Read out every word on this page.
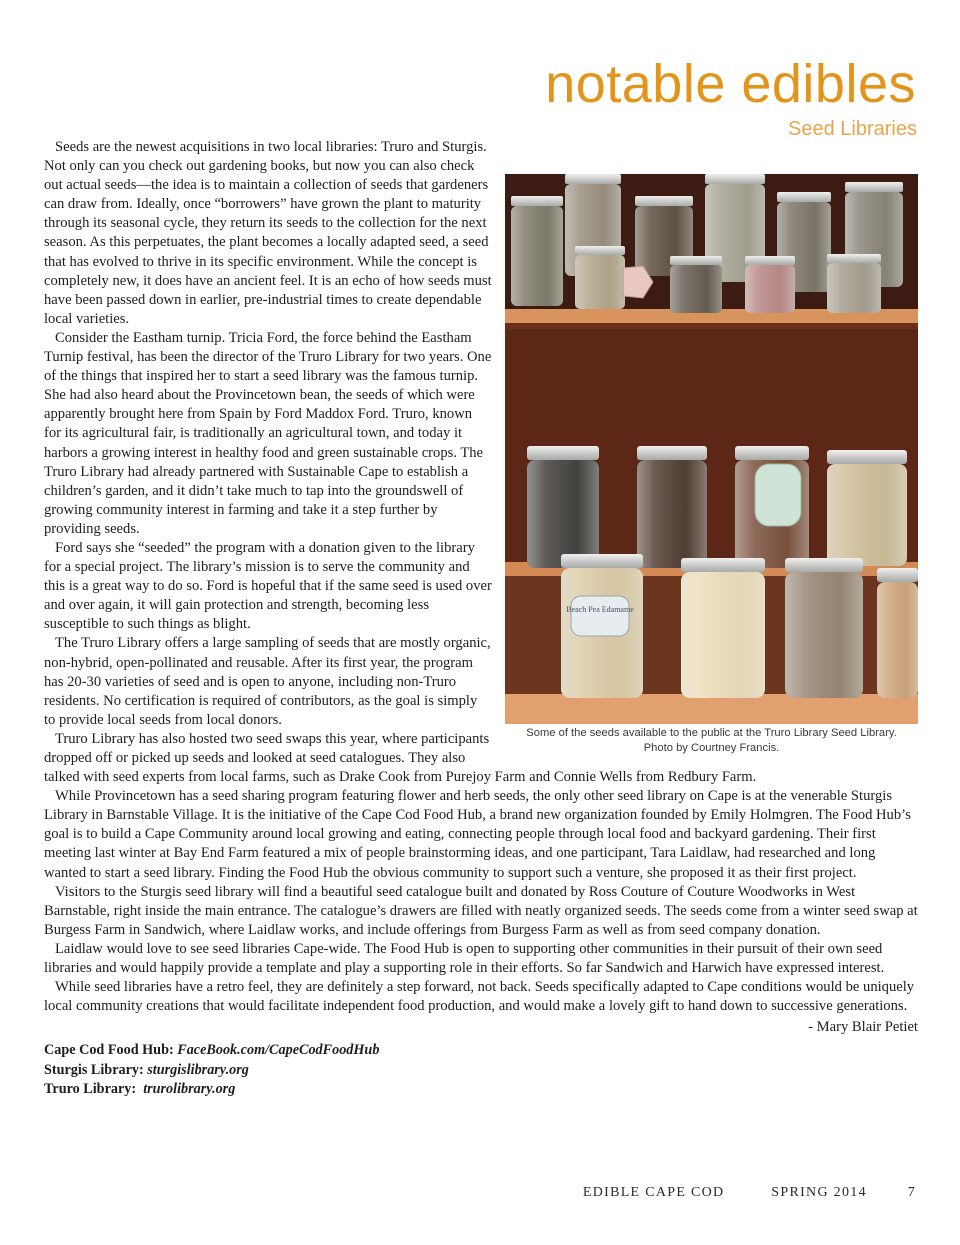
notable edibles
Seed Libraries
Beach Pea Edamame
Some of the seeds available to the public at the Truro Library Seed Library.
Photo by Courtney Francis.

Seeds are the newest acquisitions in two local libraries: Truro and Sturgis. Not only can you check out gardening books, but now you can also check out actual seeds—the idea is to maintain a collection of seeds that gardeners can draw from. Ideally, once “borrowers” have grown the plant to maturity through its seasonal cycle, they return its seeds to the collection for the next season. As this perpetuates, the plant becomes a locally adapted seed, a seed that has evolved to thrive in its specific environment. While the concept is completely new, it does have an ancient feel. It is an echo of how seeds must have been passed down in earlier, pre-industrial times to create dependable local varieties.

Consider the Eastham turnip. Tricia Ford, the force behind the Eastham Turnip festival, has been the director of the Truro Library for two years. One of the things that inspired her to start a seed library was the famous turnip. She had also heard about the Provincetown bean, the seeds of which were apparently brought here from Spain by Ford Maddox Ford. Truro, known for its agricultural fair, is traditionally an agricultural town, and today it harbors a growing interest in healthy food and green sustainable crops. The Truro Library had already partnered with Sustainable Cape to establish a children’s garden, and it didn’t take much to tap into the groundswell of growing community interest in farming and take it a step further by providing seeds.

Ford says she “seeded” the program with a donation given to the library for a special project. The library’s mission is to serve the community and this is a great way to do so. Ford is hopeful that if the same seed is used over and over again, it will gain protection and strength, becoming less susceptible to such things as blight.

The Truro Library offers a large sampling of seeds that are mostly organic, non-hybrid, open-pollinated and reusable. After its first year, the program has 20-30 varieties of seed and is open to anyone, including non-Truro residents. No certification is required of contributors, as the goal is simply to provide local seeds from local donors.

Truro Library has also hosted two seed swaps this year, where participants dropped off or picked up seeds and looked at seed catalogues. They also talked with seed experts from local farms, such as Drake Cook from Purejoy Farm and Connie Wells from Redbury Farm.

While Provincetown has a seed sharing program featuring flower and herb seeds, the only other seed library on Cape is at the venerable Sturgis Library in Barnstable Village. It is the initiative of the Cape Cod Food Hub, a brand new organization founded by Emily Holmgren. The Food Hub’s goal is to build a Cape Community around local growing and eating, connecting people through local food and backyard gardening. Their first meeting last winter at Bay End Farm featured a mix of people brainstorming ideas, and one participant, Tara Laidlaw, had researched and long wanted to start a seed library. Finding the Food Hub the obvious community to support such a venture, she proposed it as their first project.

Visitors to the Sturgis seed library will find a beautiful seed catalogue built and donated by Ross Couture of Couture Woodworks in West Barnstable, right inside the main entrance. The catalogue’s drawers are filled with neatly organized seeds. The seeds come from a winter seed swap at Burgess Farm in Sandwich, where Laidlaw works, and include offerings from Burgess Farm as well as from seed company donation.

Laidlaw would love to see seed libraries Cape-wide. The Food Hub is open to supporting other communities in their pursuit of their own seed libraries and would happily provide a template and play a supporting role in their efforts. So far Sandwich and Harwich have expressed interest.

While seed libraries have a retro feel, they are definitely a step forward, not back. Seeds specifically adapted to Cape conditions would be uniquely local community creations that would facilitate independent food production, and would make a lovely gift to hand down to successive generations.

- Mary Blair Petiet
Cape Cod Food Hub: FaceBook.com/CapeCodFoodHub
Sturgis Library: sturgislibrary.org
Truro Library: trurolibrary.org
EDIBLE CAPE COD	SPRING 2014	7
